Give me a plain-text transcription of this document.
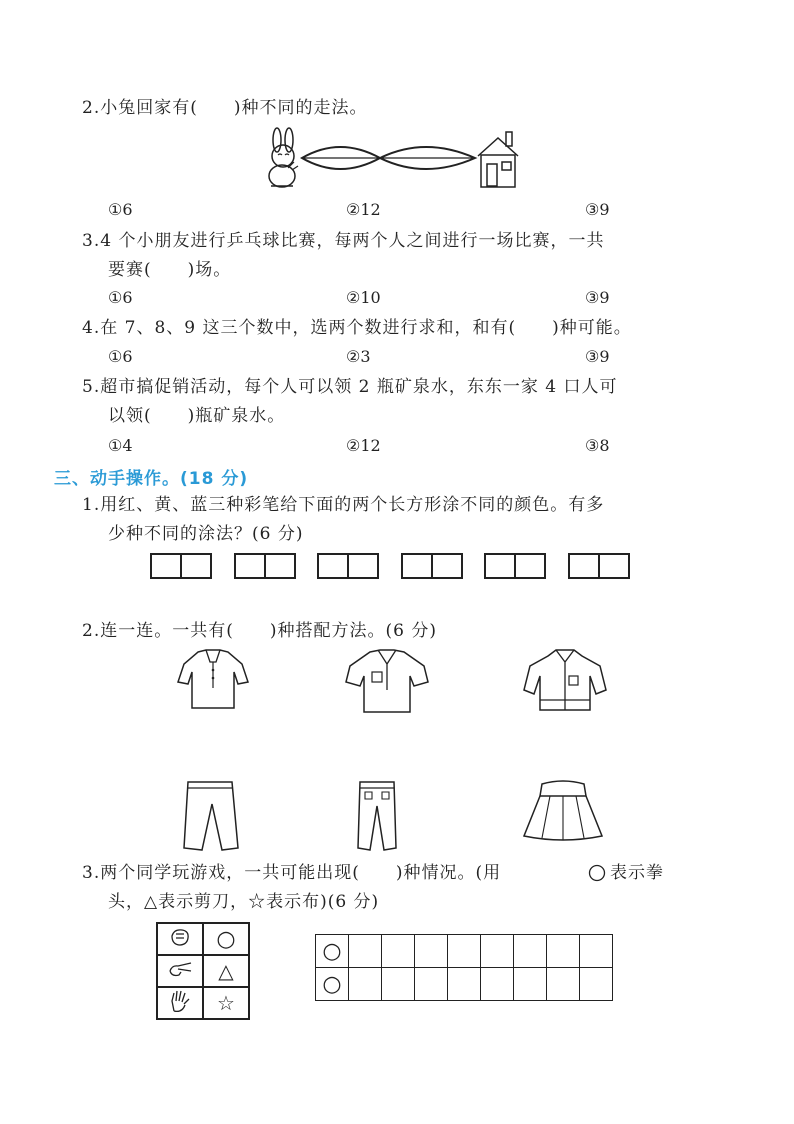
2.小兔回家有(　　)种不同的走法。
①6	②12	③9
3.4 个小朋友进行乒乓球比赛，每两个人之间进行一场比赛，一共
要赛(　　)场。
①6	②10	③9
4.在 7、8、9 这三个数中，选两个数进行求和，和有(　　)种可能。
①6	②3	③9
5.超市搞促销活动，每个人可以领 2 瓶矿泉水，东东一家 4 口人可
以领(　　)瓶矿泉水。
①4	②12	③8
三、动手操作。(18 分)
1.用红、黄、蓝三种彩笔给下面的两个长方形涂不同的颜色。有多
少种不同的涂法？(6 分)
2.连一连。一共有(　　)种搭配方法。(6 分)
3.两个同学玩游戏，一共可能出现(　　)种情况。(用	表示拳
头，△表示剪刀，☆表示布)(6 分)
	○
	△
	☆
○								
○								
